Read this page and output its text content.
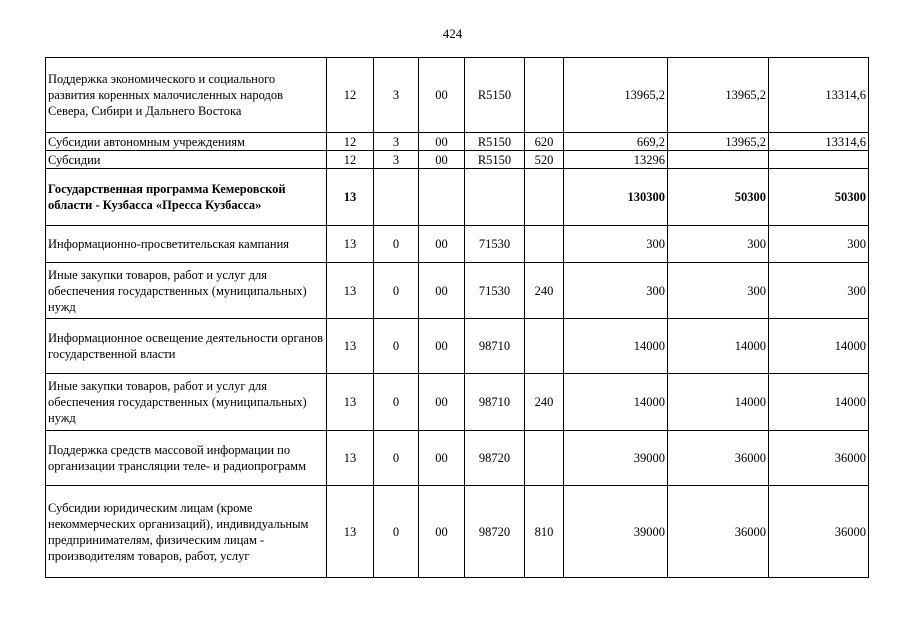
424
Поддержка экономического и социального развития коренных малочисленных народов Севера, Сибири и Дальнего Востока	12	3	00	R5150		13965,2	13965,2	13314,6
Субсидии автономным учреждениям	12	3	00	R5150	620	669,2	13965,2	13314,6
Субсидии	12	3	00	R5150	520	13296		
Государственная программа Кемеровской области - Кузбасса «Пресса Кузбасса»	13					130300	50300	50300
Информационно-просветительская кампания	13	0	00	71530		300	300	300
Иные закупки товаров, работ и услуг для обеспечения государственных (муниципальных) нужд	13	0	00	71530	240	300	300	300
Информационное освещение деятельности органов государственной власти	13	0	00	98710		14000	14000	14000
Иные закупки товаров, работ и услуг для обеспечения государственных (муниципальных) нужд	13	0	00	98710	240	14000	14000	14000
Поддержка средств массовой информации по организации трансляции теле- и радиопрограмм	13	0	00	98720		39000	36000	36000
Субсидии юридическим лицам (кроме некоммерческих организаций), индивидуальным предпринимателям, физическим лицам - производителям товаров, работ, услуг	13	0	00	98720	810	39000	36000	36000
